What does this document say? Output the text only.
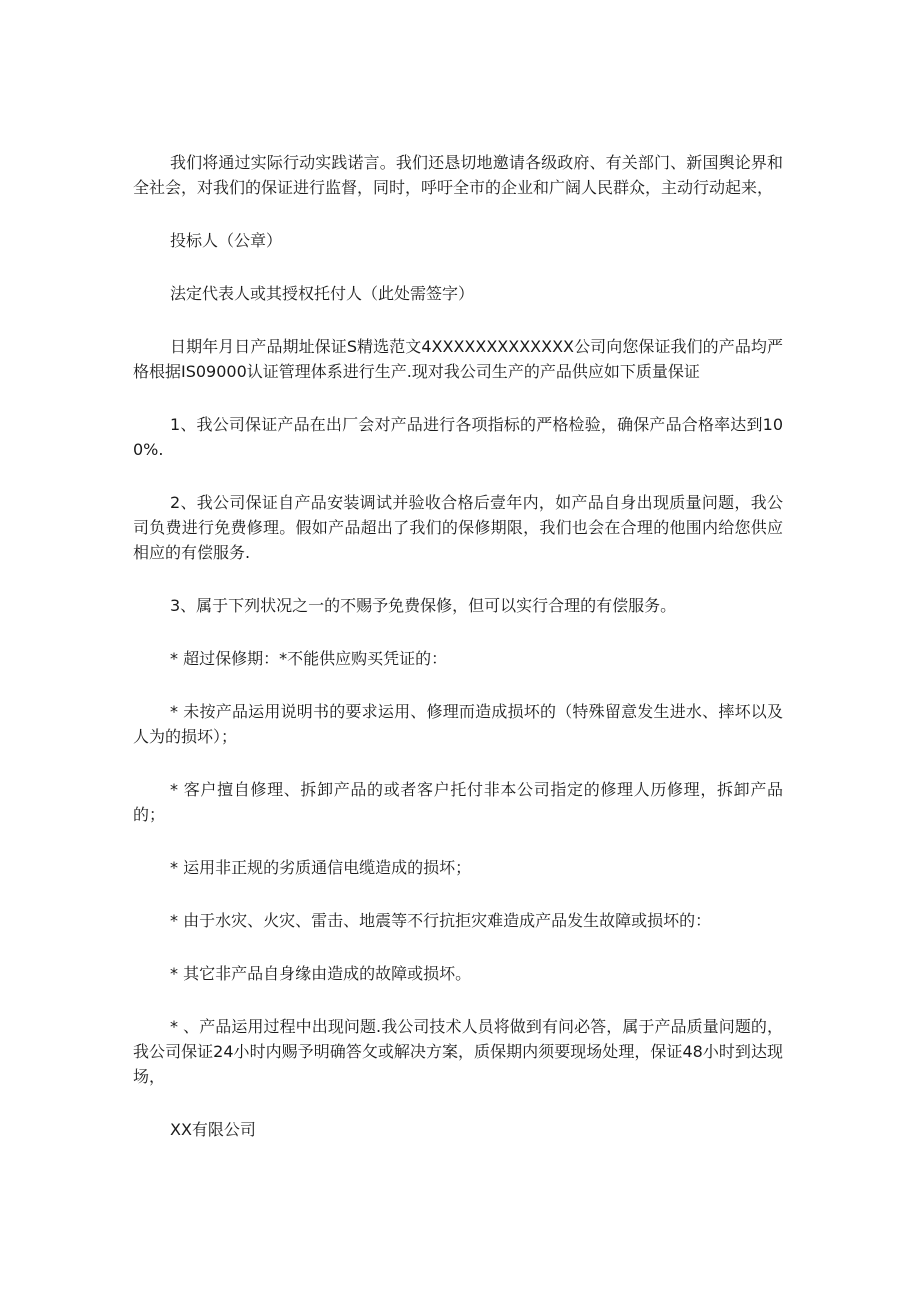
我们将通过实际行动实践诺言。我们还恳切地邀请各级政府、有关部门、新国舆论界和全社会，对我们的保证进行监督，同时，呼吁全市的企业和广阔人民群众，主动行动起来，

投标人（公章）

法定代表人或其授权托付人（此处需签字）

日期年月日产品期址保证S精选范文4XXXXXXXXXXXXX公司向您保证我们的产品均严格根据IS09000认证管理体系进行生产.现对我公司生产的产品供应如下质量保证

1、我公司保证产品在出厂会对产品进行各项指标的严格检验，确保产品合格率达到100%.

2、我公司保证自产品安装调试并验收合格后壹年内，如产品自身出现质量问题，我公司负费进行免费修理。假如产品超出了我们的保修期限，我们也会在合理的他围内给您供应相应的有偿服务.

3、属于下列状况之一的不赐予免费保修，但可以实行合理的有偿服务。

* 超过保修期：*不能供应购买凭证的：

* 未按产品运用说明书的要求运用、修理而造成损坏的（特殊留意发生进水、摔坏以及人为的损坏）；

* 客户擅自修理、拆卸产品的或者客户托付非本公司指定的修理人历修理，拆卸产品的；

* 运用非正规的劣质通信电缆造成的损坏；

* 由于水灾、火灾、雷击、地震等不行抗拒灾难造成产品发生故障或损坏的：

* 其它非产品自身缘由造成的故障或损坏。

* 、产品运用过程中出现问题.我公司技术人员将做到有问必答，属于产品质量问题的，我公司保证24小时内赐予明确答攵或解决方案，质保期内须要现场处理，保证48小时到达现场，

XX有限公司
